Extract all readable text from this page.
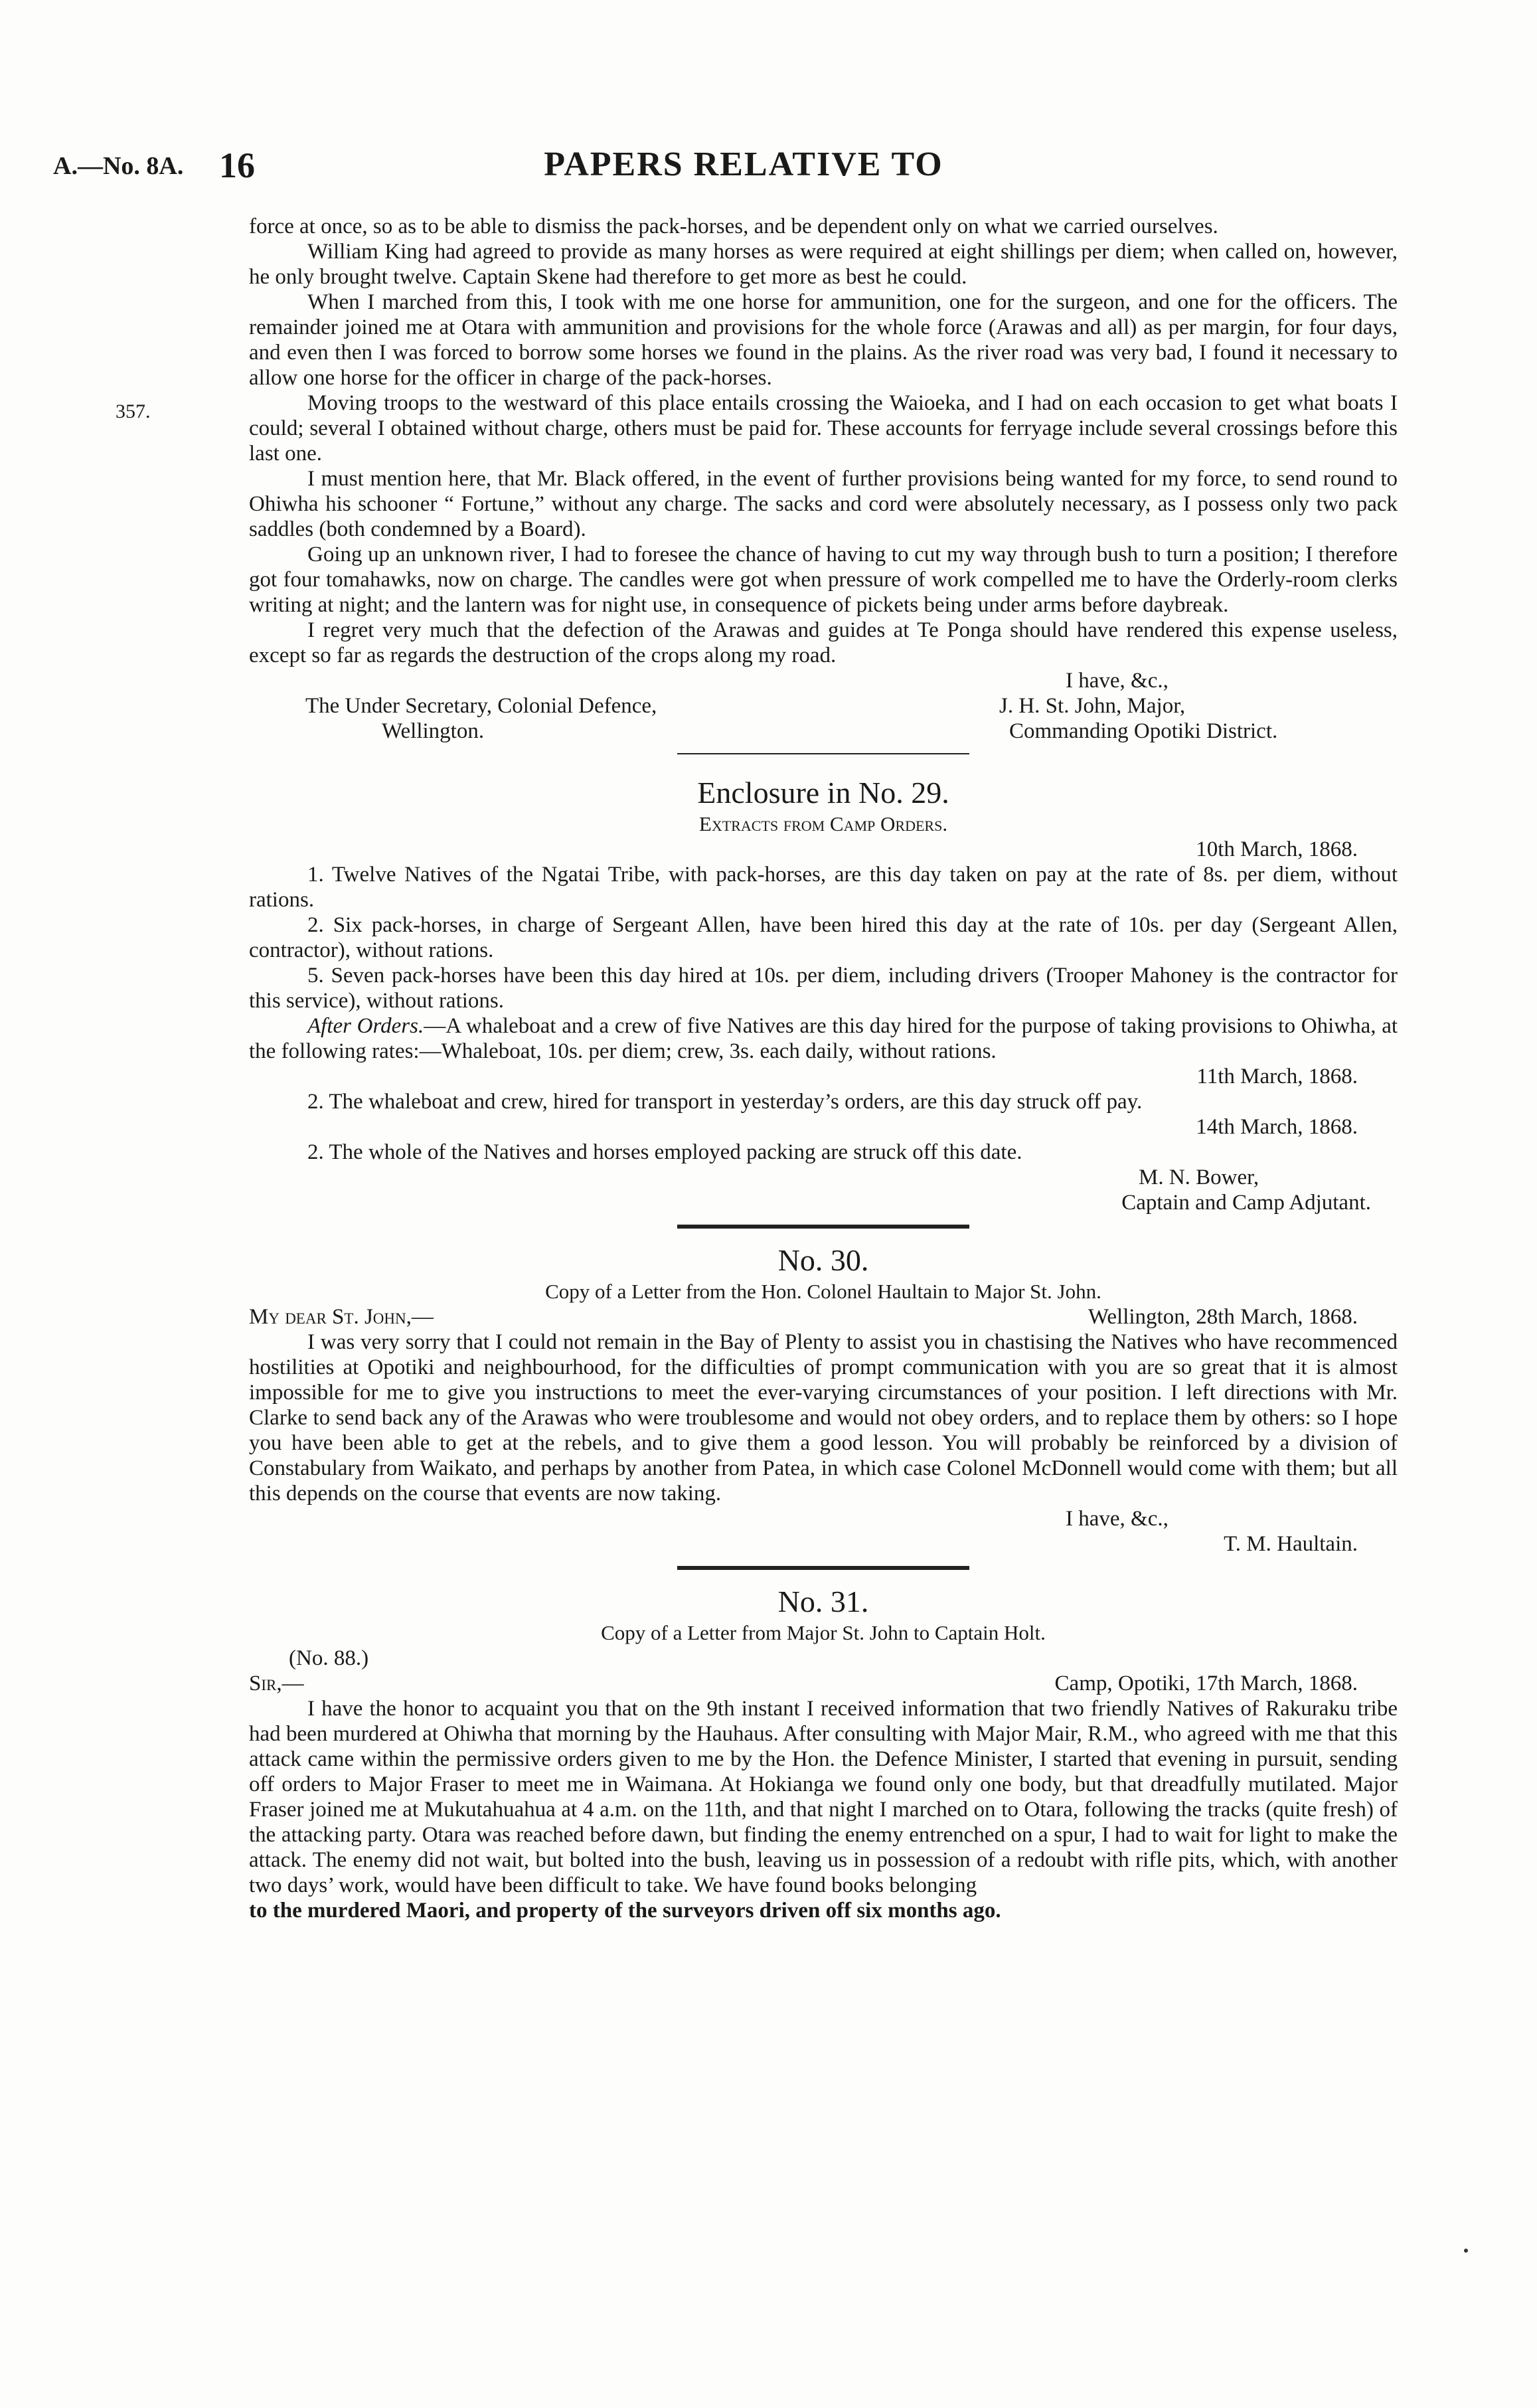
A.—No. 8A. 16	PAPERS RELATIVE TO
357.

force at once, so as to be able to dismiss the pack-horses, and be dependent only on what we carried ourselves.

William King had agreed to provide as many horses as were required at eight shillings per diem; when called on, however, he only brought twelve. Captain Skene had therefore to get more as best he could.

When I marched from this, I took with me one horse for ammunition, one for the surgeon, and one for the officers. The remainder joined me at Otara with ammunition and provisions for the whole force (Arawas and all) as per margin, for four days, and even then I was forced to borrow some horses we found in the plains. As the river road was very bad, I found it necessary to allow one horse for the officer in charge of the pack-horses.

Moving troops to the westward of this place entails crossing the Waioeka, and I had on each occasion to get what boats I could; several I obtained without charge, others must be paid for. These accounts for ferryage include several crossings before this last one.

I must mention here, that Mr. Black offered, in the event of further provisions being wanted for my force, to send round to Ohiwha his schooner “ Fortune,” without any charge. The sacks and cord were absolutely necessary, as I possess only two pack saddles (both condemned by a Board).

Going up an unknown river, I had to foresee the chance of having to cut my way through bush to turn a position; I therefore got four tomahawks, now on charge. The candles were got when pressure of work compelled me to have the Orderly-room clerks writing at night; and the lantern was for night use, in consequence of pickets being under arms before daybreak.

I regret very much that the defection of the Arawas and guides at Te Ponga should have rendered this expense useless, except so far as regards the destruction of the crops along my road.

I have, &c.,

The Under Secretary, Colonial Defence,
Wellington.
J. H. St. John, Major,
Commanding Opotiki District.
Enclosure in No. 29.
Extracts from Camp Orders.

10th March, 1868.

1. Twelve Natives of the Ngatai Tribe, with pack-horses, are this day taken on pay at the rate of 8s. per diem, without rations.

2. Six pack-horses, in charge of Sergeant Allen, have been hired this day at the rate of 10s. per day (Sergeant Allen, contractor), without rations.

5. Seven pack-horses have been this day hired at 10s. per diem, including drivers (Trooper Mahoney is the contractor for this service), without rations.

After Orders.—A whaleboat and a crew of five Natives are this day hired for the purpose of taking provisions to Ohiwha, at the following rates:—Whaleboat, 10s. per diem; crew, 3s. each daily, without rations.

11th March, 1868.

2. The whaleboat and crew, hired for transport in yesterday’s orders, are this day struck off pay.

14th March, 1868.

2. The whole of the Natives and horses employed packing are struck off this date.

M. N. Bower,

Captain and Camp Adjutant.

No. 30.
Copy of a Letter from the Hon. Colonel Haultain to Major St. John.
My dear St. John,—	Wellington, 28th March, 1868.

I was very sorry that I could not remain in the Bay of Plenty to assist you in chastising the Natives who have recommenced hostilities at Opotiki and neighbourhood, for the difficulties of prompt communication with you are so great that it is almost impossible for me to give you instructions to meet the ever-varying circumstances of your position. I left directions with Mr. Clarke to send back any of the Arawas who were troublesome and would not obey orders, and to replace them by others: so I hope you have been able to get at the rebels, and to give them a good lesson. You will probably be reinforced by a division of Constabulary from Waikato, and perhaps by another from Patea, in which case Colonel McDonnell would come with them; but all this depends on the course that events are now taking.

I have, &c.,

T. M. Haultain.

No. 31.
Copy of a Letter from Major St. John to Captain Holt.

(No. 88.)

Sir,—	Camp, Opotiki, 17th March, 1868.

I have the honor to acquaint you that on the 9th instant I received information that two friendly Natives of Rakuraku tribe had been murdered at Ohiwha that morning by the Hauhaus. After consulting with Major Mair, R.M., who agreed with me that this attack came within the permissive orders given to me by the Hon. the Defence Minister, I started that evening in pursuit, sending off orders to Major Fraser to meet me in Waimana. At Hokianga we found only one body, but that dreadfully mutilated. Major Fraser joined me at Mukutahuahua at 4 a.m. on the 11th, and that night I marched on to Otara, following the tracks (quite fresh) of the attacking party. Otara was reached before dawn, but finding the enemy entrenched on a spur, I had to wait for light to make the attack. The enemy did not wait, but bolted into the bush, leaving us in possession of a redoubt with rifle pits, which, with another two days’ work, would have been difficult to take. We have found books belonging

to the murdered Maori, and property of the surveyors driven off six months ago.
